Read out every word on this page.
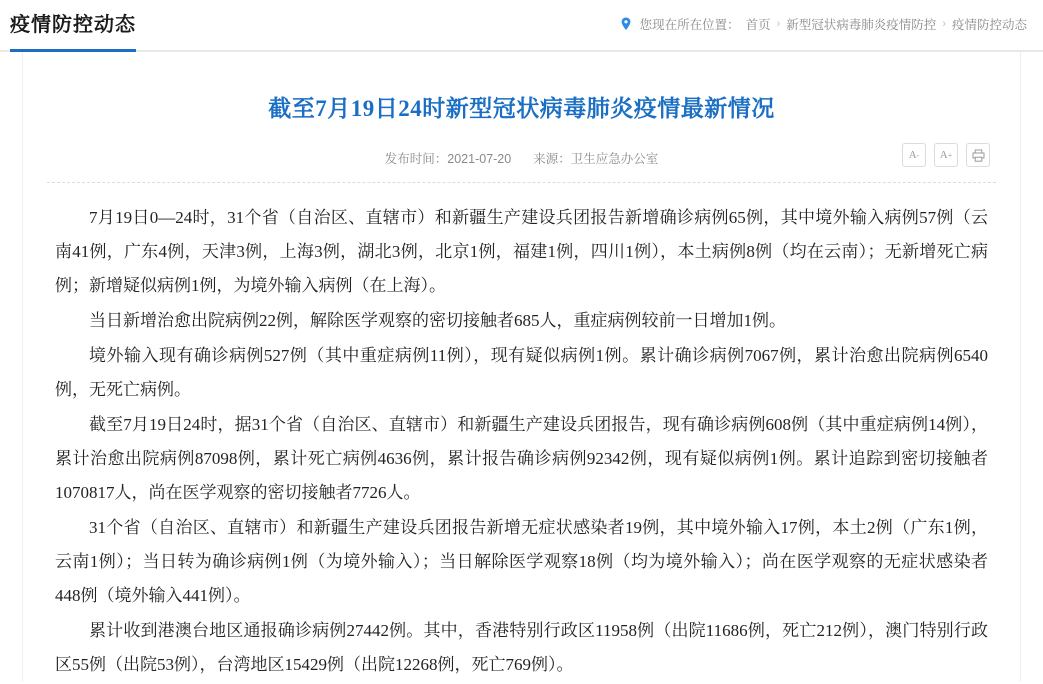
疫情防控动态	您现在所在位置： 首页 › 新型冠状病毒肺炎疫情防控 › 疫情防控动态
截至7月19日24时新型冠状病毒肺炎疫情最新情况
发布时间：2021-07-20 来源：卫生应急办公室	A - A +

7月19日0—24时，31个省（自治区、直辖市）和新疆生产建设兵团报告新增确诊病例65例，其中境外输入病例57例（云南41例，广东4例，天津3例，上海3例，湖北3例，北京1例，福建1例，四川1例），本土病例8例（均在云南）；无新增死亡病例；新增疑似病例1例，为境外输入病例（在上海）。

当日新增治愈出院病例22例，解除医学观察的密切接触者685人，重症病例较前一日增加1例。

境外输入现有确诊病例527例（其中重症病例11例），现有疑似病例1例。累计确诊病例7067例，累计治愈出院病例6540例，无死亡病例。

截至7月19日24时，据31个省（自治区、直辖市）和新疆生产建设兵团报告，现有确诊病例608例（其中重症病例14例），累计治愈出院病例87098例，累计死亡病例4636例，累计报告确诊病例92342例，现有疑似病例1例。累计追踪到密切接触者1070817人，尚在医学观察的密切接触者7726人。

31个省（自治区、直辖市）和新疆生产建设兵团报告新增无症状感染者19例，其中境外输入17例，本土2例（广东1例，云南1例）；当日转为确诊病例1例（为境外输入）；当日解除医学观察18例（均为境外输入）；尚在医学观察的无症状感染者448例（境外输入441例）。

累计收到港澳台地区通报确诊病例27442例。其中，香港特别行政区11958例（出院11686例，死亡212例），澳门特别行政区55例（出院53例），台湾地区15429例（出院12268例，死亡769例）。
